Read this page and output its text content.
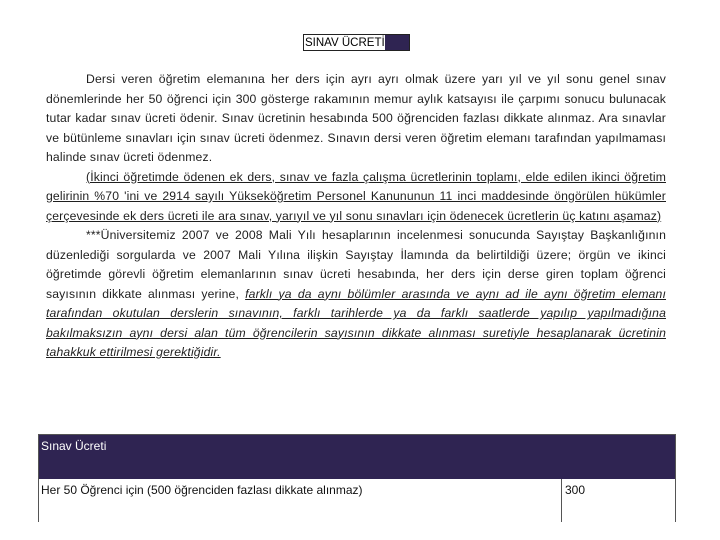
SINAV ÜCRETİ

Dersi veren öğretim elemanına her ders için ayrı ayrı olmak üzere yarı yıl ve yıl sonu genel sınav dönemlerinde her 50 öğrenci için 300 gösterge rakamının memur aylık katsayısı ile çarpımı sonucu bulunacak tutar kadar sınav ücreti ödenir. Sınav ücretinin hesabında 500 öğrenciden fazlası dikkate alınmaz. Ara sınavlar ve bütünleme sınavları için sınav ücreti ödenmez. Sınavın dersi veren öğretim elemanı tarafından yapılmaması halinde sınav ücreti ödenmez.

(İkinci öğretimde ödenen ek ders, sınav ve fazla çalışma ücretlerinin toplamı, elde edilen ikinci öğretim gelirinin %70 'ini ve 2914 sayılı Yükseköğretim Personel Kanununun 11 inci maddesinde öngörülen hükümler çerçevesinde ek ders ücreti ile ara sınav, yarıyıl ve yıl sonu sınavları için ödenecek ücretlerin üç katını aşamaz)

***Üniversitemiz 2007 ve 2008 Mali Yılı hesaplarının incelenmesi sonucunda Sayıştay Başkanlığının düzenlediği sorgularda ve 2007 Mali Yılına ilişkin Sayıştay İlamında da belirtildiği üzere; örgün ve ikinci öğretimde görevli öğretim elemanlarının sınav ücreti hesabında, her ders için derse giren toplam öğrenci sayısının dikkate alınması yerine, farklı ya da aynı bölümler arasında ve aynı ad ile aynı öğretim elemanı tarafından okutulan derslerin sınavının, farklı tarihlerde ya da farklı saatlerde yapılıp yapılmadığına bakılmaksızın aynı dersi alan tüm öğrencilerin sayısının dikkate alınması suretiyle hesaplanarak ücretinin tahakkuk ettirilmesi gerektiğidir.

Sınav Ücreti
Her 50 Öğrenci için (500 öğrenciden fazlası dikkate alınmaz)	300
